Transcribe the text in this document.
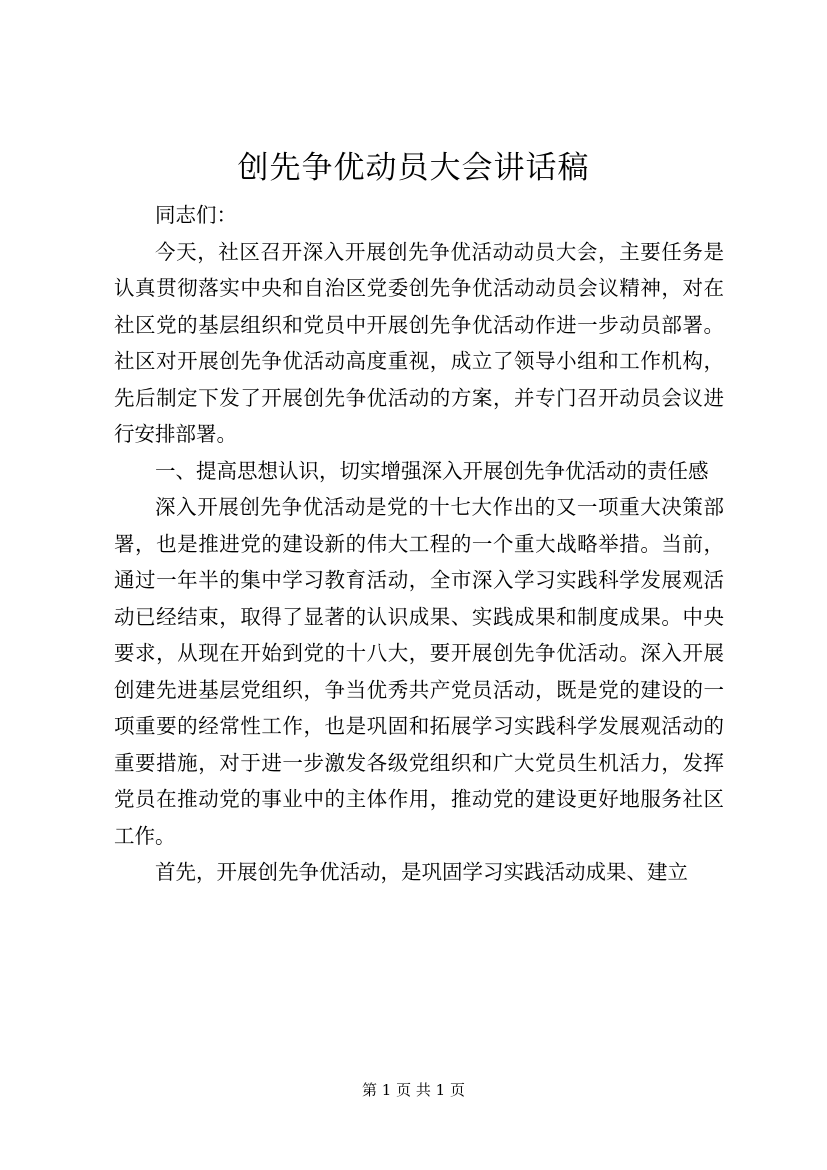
创先争优动员大会讲话稿

同志们：

今天，社区召开深入开展创先争优活动动员大会，主要任务是认真贯彻落实中央和自治区党委创先争优活动动员会议精神，对在社区党的基层组织和党员中开展创先争优活动作进一步动员部署。社区对开展创先争优活动高度重视，成立了领导小组和工作机构，先后制定下发了开展创先争优活动的方案，并专门召开动员会议进行安排部署。

一、提高思想认识，切实增强深入开展创先争优活动的责任感

深入开展创先争优活动是党的十七大作出的又一项重大决策部署，也是推进党的建设新的伟大工程的一个重大战略举措。当前，通过一年半的集中学习教育活动，全市深入学习实践科学发展观活动已经结束，取得了显著的认识成果、实践成果和制度成果。中央要求，从现在开始到党的十八大，要开展创先争优活动。深入开展创建先进基层党组织，争当优秀共产党员活动，既是党的建设的一项重要的经常性工作，也是巩固和拓展学习实践科学发展观活动的重要措施，对于进一步激发各级党组织和广大党员生机活力，发挥党员在推动党的事业中的主体作用，推动党的建设更好地服务社区工作。

首先，开展创先争优活动，是巩固学习实践活动成果、建立

第 1 页 共 1 页
